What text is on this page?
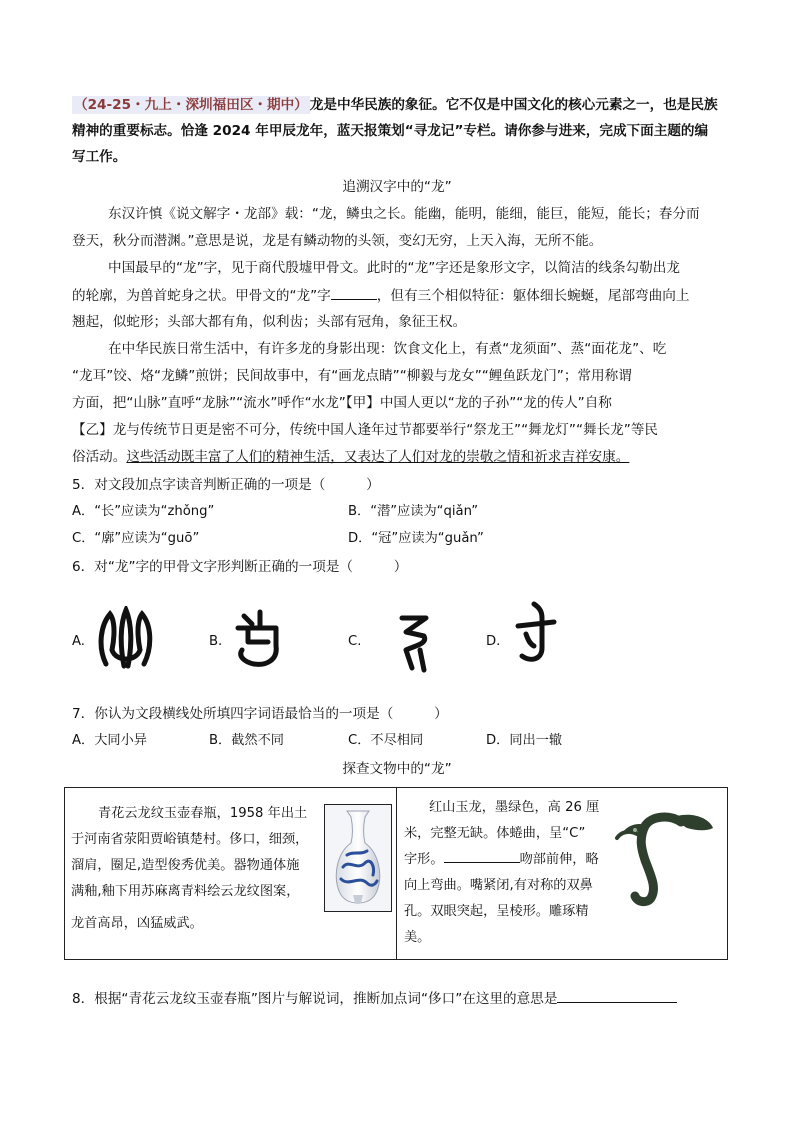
（24-25・九上・深圳福田区・期中） 龙是中华民族的象征。它不仅是中国文化的核心元素之一，也是民族
精神的重要标志。恰逢 2024 年甲辰龙年，蓝天报策划“寻龙记”专栏。请你参与进来，完成下面主题的编
写工作。
追溯汉字中的“龙”
东汉许慎《说文解字・龙部》载：“龙，鳞虫之长。能幽，能明，能细，能巨，能短，能长；春分而
登天，秋分而潜渊。”意思是说，龙是有鳞动物的头领，变幻无穷，上天入海，无所不能。
中国最早的“龙”字，见于商代殷墟甲骨文。此时的“龙”字还是象形文字，以简洁的线条勾勒出龙
的轮廓，为兽首蛇身之状。甲骨文的“龙”字	，但有三个相似特征：躯体细长蜿蜒，尾部弯曲向上
翘起，似蛇形；头部大都有角，似利齿；头部有冠角，象征王权。
在中华民族日常生活中，有许多龙的身影出现：饮食文化上，有煮“龙须面”、蒸“面花龙”、吃
“龙耳”饺、烙“龙鳞”煎饼；民间故事中，有“画龙点睛”“柳毅与龙女”“鲤鱼跃龙门”；常用称谓
方面，把“山脉”直呼“龙脉”“流水”呼作“水龙”【甲】中国人更以“龙的子孙”“龙的传人”自称
【乙】龙与传统节日更是密不可分，传统中国人逢年过节都要举行“祭龙王”“舞龙灯”“舞长龙”等民
俗活动。这些活动既丰富了人们的精神生活，又表达了人们对龙的崇敬之情和祈求吉祥安康。
5．对文段加点字读音判断正确的一项是（　　　）
A．“长”应读为“zhǒng”	B．“潜”应读为“qiǎn”
C．“廓”应读为“guō”	D．“冠”应读为“guǎn”
6．对“龙”字的甲骨文字形判断正确的一项是（　　　）
A.	B.	C.	D.
7．你认为文段横线处所填四字词语最恰当的一项是（　　　）
A．大同小异	B．截然不同	C．不尽相同	D．同出一辙
探查文物中的“龙”
青花云龙纹玉壶春瓶，1958 年出土
于河南省荥阳贾峪镇楚村。侈口，细颈，
溜肩，圈足,造型俊秀优美。器物通体施
满釉,釉下用苏麻离青料绘云龙纹图案，
龙首高昂，凶猛威武。
红山玉龙，墨绿色，高 26 厘
米，完整无缺。体蜷曲，呈“C”
字形。	吻部前伸，略
向上弯曲。嘴紧闭,有对称的双鼻
孔。双眼突起，呈棱形。雕琢精
美。
8．根据“青花云龙纹玉壶春瓶”图片与解说词，推断加点词“侈口”在这里的意思是
